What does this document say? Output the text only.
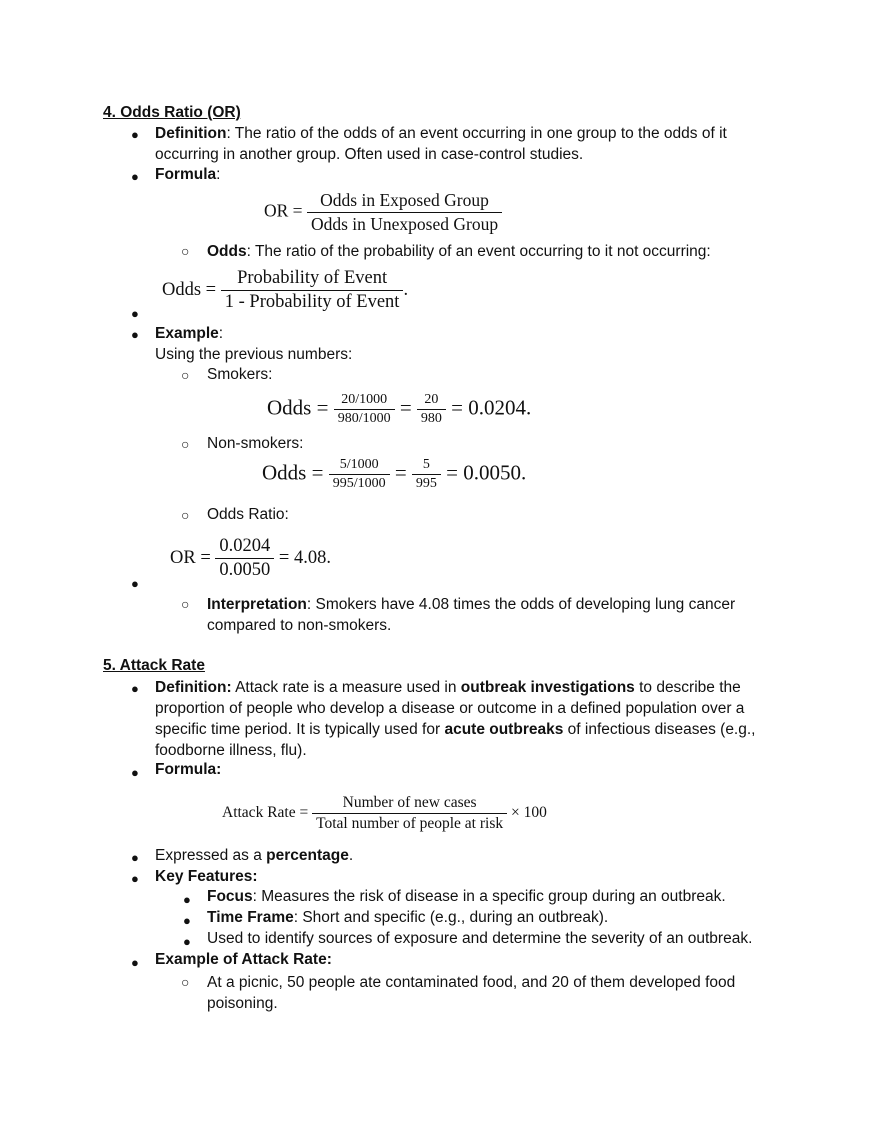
4. Odds Ratio (OR)
● Definition: The ratio of the odds of an event occurring in one group to the odds of it
occurring in another group. Often used in case-control studies.
● Formula:
OR = $\frac{\text{Odds in Exposed Group}}{\text{Odds in Unexposed Group}}$
○ Odds: The ratio of the probability of an event occurring to it not occurring:
Odds = $\frac{\text{Probability of Event}}{\text{1 - Probability of Event}}$ .
●
● Example:
Using the previous numbers:
○ Smokers:
Odds = $\frac{20/1000}{980/1000} = \frac{20}{980} = 0.0204$.
○ Non-smokers:
Odds = $\frac{5/1000}{995/1000} = \frac{5}{995} = 0.0050$.
○ Odds Ratio:
OR = $\frac{0.0204}{0.0050} = 4.08$.
●
○ Interpretation: Smokers have 4.08 times the odds of developing lung cancer
compared to non-smokers.
5. Attack Rate
● Definition: Attack rate is a measure used in outbreak investigations to describe the
proportion of people who develop a disease or outcome in a defined population over a
specific time period. It is typically used for acute outbreaks of infectious diseases (e.g.,
foodborne illness, flu).
● Formula:
Attack Rate = $\frac{\text{Number of new cases}}{\text{Total number of people at risk}} \times 100$
● Expressed as a percentage.
● Key Features:
● Focus: Measures the risk of disease in a specific group during an outbreak.
● Time Frame: Short and specific (e.g., during an outbreak).
● Used to identify sources of exposure and determine the severity of an outbreak.
● Example of Attack Rate:
○ At a picnic, 50 people ate contaminated food, and 20 of them developed food
poisoning.
